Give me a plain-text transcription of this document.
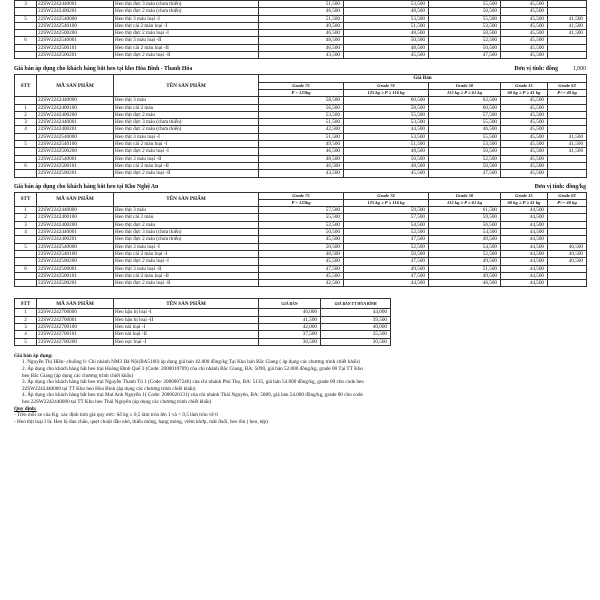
3	22SW2242440001	Heo thịt đực 3 máu (chưa thiến)	51,500	53,500	55,500	45,500	
	22SW2242400201	Heo thịt đực 2 máu (chưa thiến)	46,500	48,500	50,500	45,500	
5	22SW2242540000	Heo thịt 3 máu loại -I	51,500	53,500	55,500	45,500	41,500
	22SW2242540100	Heo thịt cái 2 máu loại -I	49,500	51,500	53,500	45,500	41,500
	22SW2242500200	Heo thịt đực 2 máu loại -I	46,500	48,500	50,500	45,500	41,500
6	22SW2242540001	Heo thịt 3 máu loại -II	48,500	50,500	52,500	45,500	
	22SW2242500101	Heo thịt cái 2 máu loại -II	46,500	48,500	50,500	45,500	
	22SW2242500201	Heo thịt đực 2 máu loại -II	43,500	45,500	47,500	45,500	
Giá bán áp dụng cho khách hàng bắt heo tại kho Hòa Bình - Thanh Hóa	Đơn vị tính: đồng	1,000
STT	MÃ SẢN PHẨM	TÊN SẢN PHẨM	Giá Bán				
			Grade 75	Grade 74	Grade 50	Grade 15	Grade 03
			P > 125kg	125 kg ≥ P ≥ 116 kg	115 kg ≥ P ≥ 61 kg	60 kg ≥ P ≥ 41 kg	P<= 40 kg
	22SW2242440000	Heo thịt 3 máu	58,500	60,500	62,500	45,500	
1	22SW2242400100	Heo thịt cái 2 máu	56,500	58,500	60,500	45,500	
2	22SW2242400200	Heo thịt đực 2 máu	53,500	55,500	57,500	45,500	
3	22SW2242440001	Heo thịt đực 3 máu (chưa thiến)	51,500	53,500	55,500	45,500	
4	22SW2242400201	Heo thịt đực 2 máu (chưa thiến)	42,500	44,500	46,500	45,500	
	22SW2242540000	Heo thịt 3 máu loại -I	51,500	53,500	55,500	45,500	41,500
5	22SW2242540100	Heo thịt cái 2 máu loại -I	49,500	51,500	53,500	45,500	41,500
	22SW2242500200	Heo thịt đực 2 máu loại -I	46,500	48,500	50,500	45,500	41,500
	22SW2242540001	Heo thịt 3 máu loại -II	48,500	50,500	52,500	45,500	
6	22SW2242500101	Heo thịt cái 2 máu loại -II	46,500	48,500	50,500	45,500	
	22SW2242500201	Heo thịt đực 2 máu loại -II	43,500	45,500	47,500	45,500	
Giá bán áp dụng cho khách hàng bắt heo tại Kho Nghệ An	Đơn vị tính: đồng/kg
STT	MÃ SẢN PHẨM	TÊN SẢN PHẨM	Grade 75	Grade 74	Grade 50	Grade 15	Grade 03
			P > 125kg	125 kg ≥ P ≥ 116 kg	115 kg ≥ P ≥ 61 kg	60 kg ≥ P ≥ 41 kg	P<= 40 kg
1	22SW2242440000	Heo thịt 3 máu	57,500	59,500	61,500	44,500	
2	22SW2242400100	Heo thịt cái 2 máu	55,500	57,500	59,500	44,500	
3	22SW2242400200	Heo thịt đực 2 máu	52,500	54,500	56,500	44,500	
4	22SW2242440001	Heo thịt đực 3 máu (chưa thiến)	50,500	52,500	54,500	44,500	
	22SW2242400201	Heo thịt đực 2 máu (chưa thiến)	45,500	47,500	49,500	44,500	
5	22SW2242540000	Heo thịt 3 máu loại -I	50,500	52,500	54,500	44,500	40,500
	22SW2242540100	Heo thịt cái 2 máu loại -I	48,500	50,500	52,500	44,500	40,500
	22SW2242500200	Heo thịt đực 2 máu loại -I	45,500	47,500	49,500	44,500	40,500
6	22SW2242500001	Heo thịt 3 máu loại -II	47,500	49,500	51,500	44,500	
	22SW2242500101	Heo thịt cái 2 máu loại -II	45,500	47,500	49,500	44,500	
	22SW2242500201	Heo thịt đực 2 máu loại -II	42,500	44,500	46,500	44,500	
STT	MÃ SẢN PHẨM	TÊN SẢN PHẨM	GIÁ BÁN	GIÁ BÁN TT HÒA BÌNH
1	22SW2242700000	Heo hậu bị loại -I	46,000	44,000
2	22SW2242700001	Heo hậu bị loại -II	41,500	39,500
3	22SW2242700100	Heo nái loại -I	42,000	40,000
4	22SW2242700101	Heo nái loại -II	37,500	35,500
5	22SW2242700200	Heo nọc loại -I	30,500	30,500

Giá bán áp dụng:

1. Nguyễn Thị Hiền- chuồng 6: Chi nhánh NM3 Hà Nội(BA5166) áp dụng giá bán 42.000 đồng/kg Tại Kho bán Bắc Giang ( áp dụng các chương trình chiết khấu)

2. Áp dụng cho khách hàng bắt heo trại Hoàng Đình Quế 3 (Code: 2000010709) của chi nhánh Bắc Giang, BA: 5090, giá bán 52.000 đồng/kg, grade 00 Tại TT Kho

heo Bắc Giang (áp dụng các chương trình chiết khấu)

3. Áp dụng cho khách hàng bắt heo trại Nguyễn Thanh Tú 1 (Code: 2000007246) của chi nhánh Phú Thọ, BA: 5135, giá bán 54.000 đồng/kg, grade 00 cho code heo

22SW2242440000 tại TT Kho heo Hòa Bình (áp dụng các chương trình chiết khấu)

4. Áp dụng cho khách hàng bắt heo trại Mai Anh Nguyễn 1( Code: 2000020131) của chi nhánh Thái Nguyên, BA: 5089, giá bán 54.000 đồng/kg, grade 00 cho code

heo 22SW2242440000 tại TT Kho heo Thái Nguyên (áp dụng các chương trình chiết khấu)

Quy định:

- Trên mỗi xe của Kg. xác định tính giá quy ước: Số kg ≥ 0,5 làm tròn lên 1 và < 0,5 làm tròn về 0

- Heo thịt loại I là: Heo bị đau chân, quẹt chuột đầu nhỏ, thiếu mông, hạng mòng, viêm khớp, mắt đuối, heo ốm ( heo, tệp)
